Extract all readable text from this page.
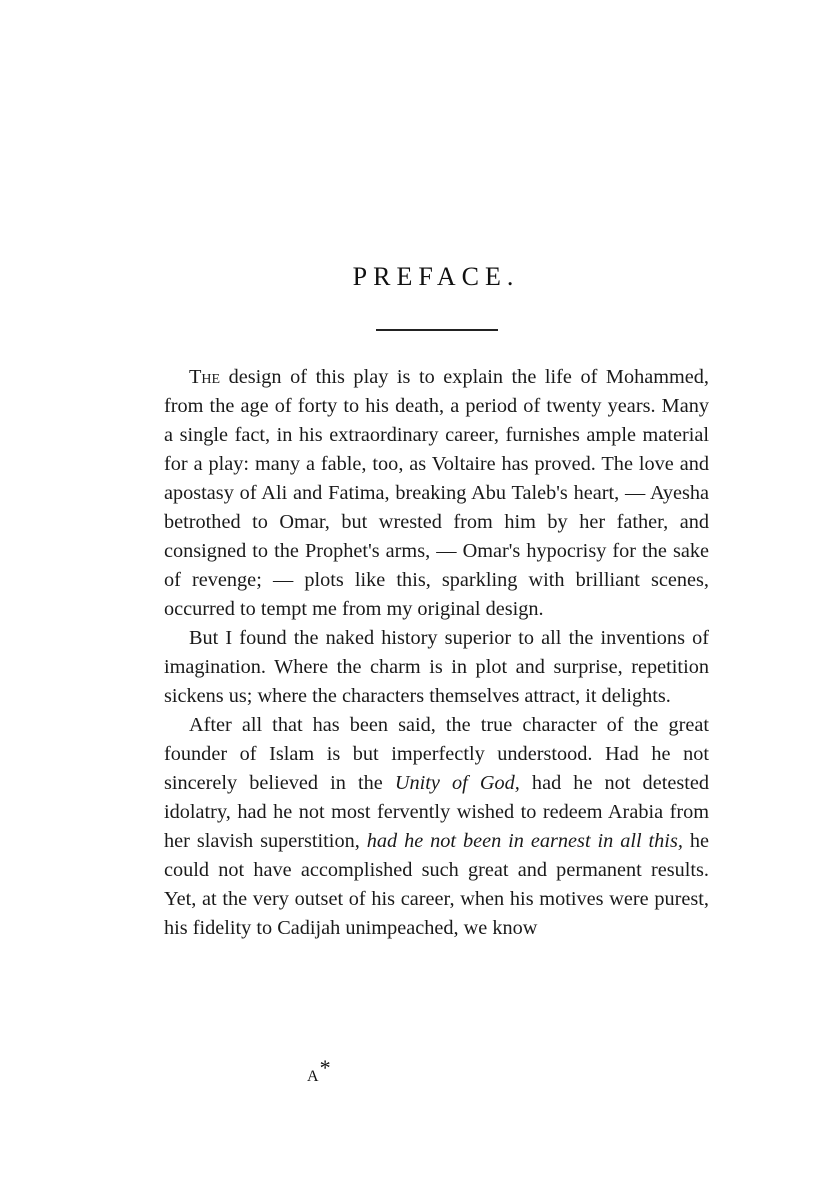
PREFACE.

The design of this play is to explain the life of Mohammed, from the age of forty to his death, a period of twenty years. Many a single fact, in his extraordinary career, furnishes ample material for a play: many a fable, too, as Voltaire has proved. The love and apostasy of Ali and Fatima, breaking Abu Taleb's heart, — Ayesha betrothed to Omar, but wrested from him by her father, and consigned to the Prophet's arms, — Omar's hypocrisy for the sake of revenge; — plots like this, sparkling with brilliant scenes, occurred to tempt me from my original design.

But I found the naked history superior to all the inventions of imagination. Where the charm is in plot and surprise, repetition sickens us; where the characters themselves attract, it delights.

After all that has been said, the true character of the great founder of Islam is but imperfectly understood. Had he not sincerely believed in the Unity of God, had he not detested idolatry, had he not most fervently wished to redeem Arabia from her slavish superstition, had he not been in earnest in all this, he could not have accomplished such great and permanent results. Yet, at the very outset of his career, when his motives were purest, his fidelity to Cadijah unimpeached, we know

A*
